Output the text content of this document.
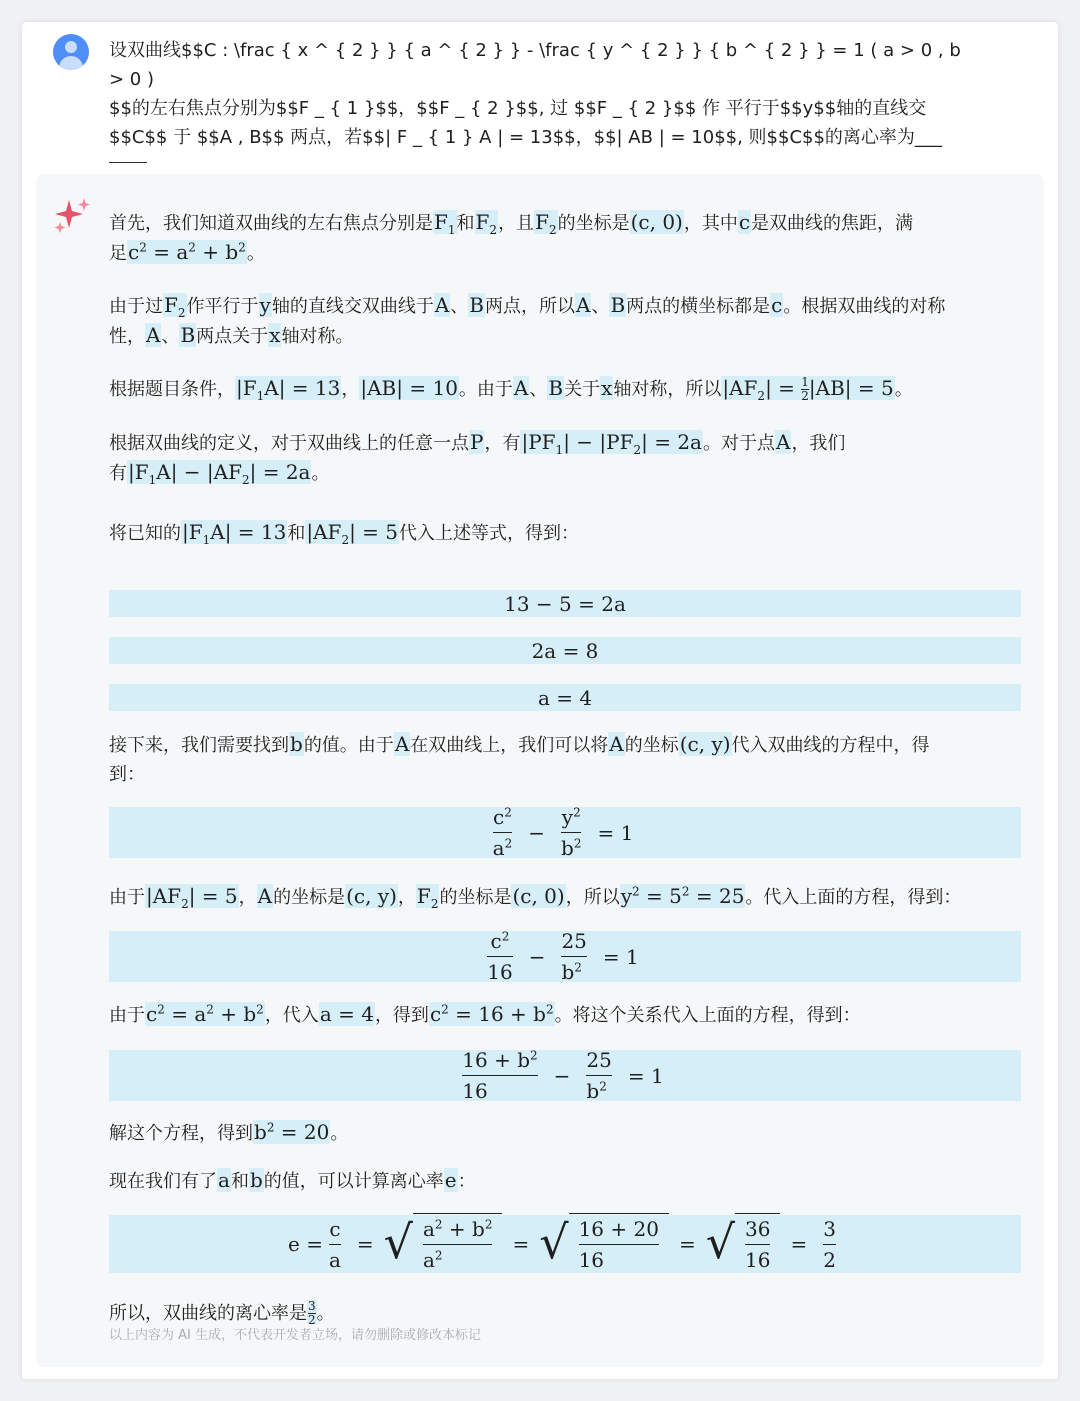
设双曲线$$C : \frac { x ^ { 2 } } { a ^ { 2 } } - \frac { y ^ { 2 } } { b ^ { 2 } } = 1 ( a > 0 , b > 0 )
$$的左右焦点分别为$$F _ { 1 }$$，$$F _ { 2 }$$, 过 $$F _ { 2 }$$ 作 平行于$$y$$轴的直线交
$$C$$ 于 $$A , B$$ 两点，若$$| F _ { 1 } A | = 13$$，$$| AB | = 10$$, 则$$C$$的离心率为___

首先，我们知道双曲线的左右焦点分别是$F_1$和$F_2$，且$F_2$的坐标是(c, 0)，其中c是双曲线的焦距，满
足$c^2 = a^2 + b^2$。

由于过$F_2$作平行于y轴的直线交双曲线于A、B两点，所以A、B两点的横坐标都是c。根据双曲线的对称
性，A、B两点关于x轴对称。

根据题目条件，$|F_1A| = 13$，|AB| = 10。由于A、B关于x轴对称，所以$|AF_2| = \frac{1}{2} |AB| = 5$。

根据双曲线的定义，对于双曲线上的任意一点P，有$|PF_1| - |PF_2| = 2a$。对于点A，我们
有$|F_1A| - |AF_2| = 2a$。

将已知的$|F_1A| = 13$和$|AF_2| = 5$代入上述等式，得到：

13 − 5 = 2a
2a = 8
a = 4

接下来，我们需要找到b的值。由于A在双曲线上，我们可以将A的坐标(c, y)代入双曲线的方程中，得
到：

$\frac{c^2}{a^2} - \frac{y^2}{b^2} = 1$

由于$|AF_2| = 5$，A的坐标是(c, y)，$F_2$的坐标是(c, 0)，所以$y^2 = 5^2 = 25$。代入上面的方程，得到：

$\frac{c^2}{16} - \frac{25}{b^2} = 1$

由于$c^2 = a^2 + b^2$，代入a = 4，得到$c^2 = 16 + b^2$。将这个关系代入上面的方程，得到：

$\frac{16 + b^2}{16} - \frac{25}{b^2} = 1$

解这个方程，得到$b^2 = 20$。

现在我们有了a和b的值，可以计算离心率e：

$e = \frac{c}{a}$ = √ $\frac{a^2 + b^2}{a^2}$ = √ $\frac{16 + 20}{16}$ = √ $\frac{36}{16} = \frac{3}{2}$

所以，双曲线的离心率是 $\frac{3}{2}$ 。

以上内容为 AI 生成，不代表开发者立场，请勿删除或修改本标记
